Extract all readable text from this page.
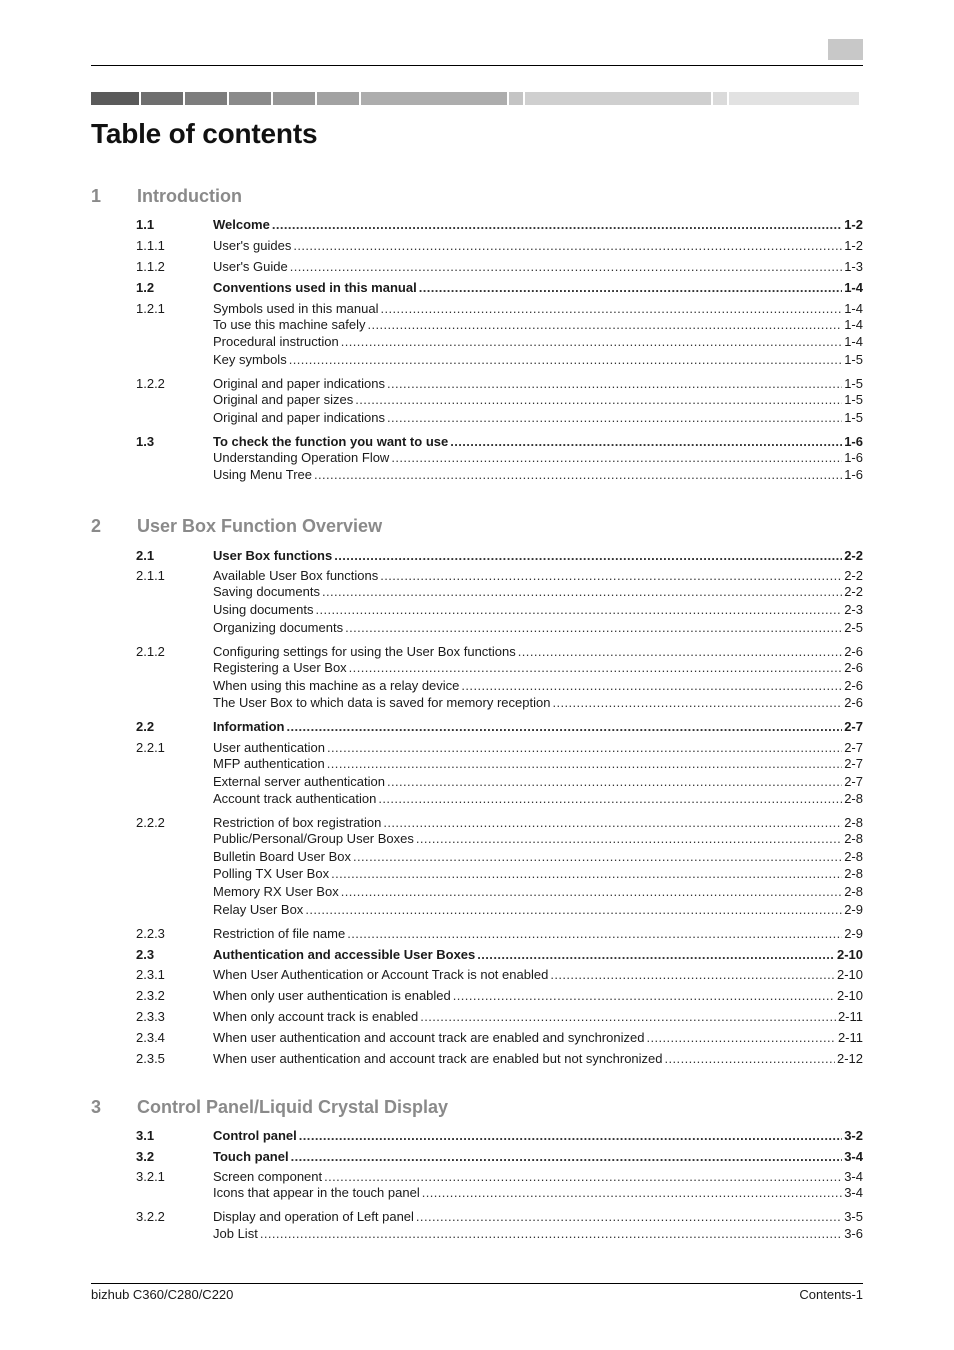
Table of contents
1 Introduction
1.1	Welcome .....	1-2
1.1.1	User's guides .....	1-2
1.1.2	User's Guide .....	1-3
1.2	Conventions used in this manual .....	1-4
1.2.1	Symbols used in this manual .....	1-4
To use this machine safely .....	1-4
Procedural instruction .....	1-4
Key symbols .....	1-5
1.2.2	Original and paper indications .....	1-5
Original and paper sizes .....	1-5
Original and paper indications .....	1-5
1.3	To check the function you want to use .....	1-6
Understanding Operation Flow .....	1-6
Using Menu Tree .....	1-6
2 User Box Function Overview
2.1	User Box functions .....	2-2
2.1.1	Available User Box functions .....	2-2
Saving documents .....	2-2
Using documents .....	2-3
Organizing documents .....	2-5
2.1.2	Configuring settings for using the User Box functions .....	2-6
Registering a User Box .....	2-6
When using this machine as a relay device .....	2-6
The User Box to which data is saved for memory reception .....	2-6
2.2	Information .....	2-7
2.2.1	User authentication .....	2-7
MFP authentication .....	2-7
External server authentication .....	2-7
Account track authentication .....	2-8
2.2.2	Restriction of box registration .....	2-8
Public/Personal/Group User Boxes .....	2-8
Bulletin Board User Box .....	2-8
Polling TX User Box .....	2-8
Memory RX User Box .....	2-8
Relay User Box .....	2-9
2.2.3	Restriction of file name .....	2-9
2.3	Authentication and accessible User Boxes .....	2-10
2.3.1	When User Authentication or Account Track is not enabled .....	2-10
2.3.2	When only user authentication is enabled .....	2-10
2.3.3	When only account track is enabled .....	2-11
2.3.4	When user authentication and account track are enabled and synchronized .....	2-11
2.3.5	When user authentication and account track are enabled but not synchronized .....	2-12
3 Control Panel/Liquid Crystal Display
3.1	Control panel .....	3-2
3.2	Touch panel .....	3-4
3.2.1	Screen component .....	3-4
Icons that appear in the touch panel .....	3-4
3.2.2	Display and operation of Left panel .....	3-5
Job List .....	3-6
bizhub C360/C280/C220	Contents-1
